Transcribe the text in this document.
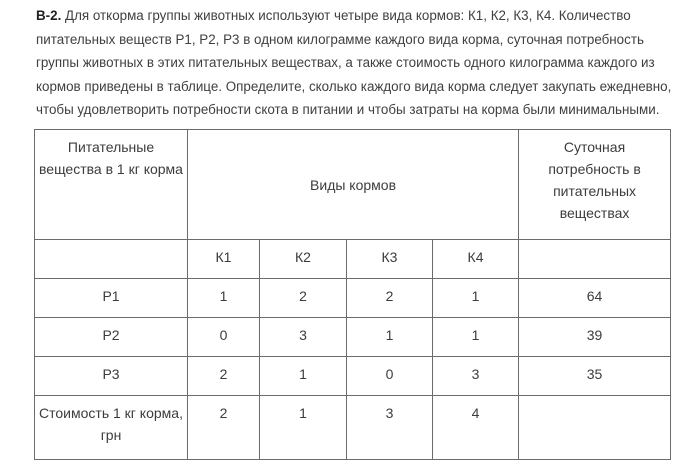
В-2. Для откорма группы животных используют четыре вида кормов: К1, К2, К3, К4. Количество питательных веществ Р1, Р2, Р3 в одном килограмме каждого вида корма, суточная потребность группы животных в этих питательных веществах, а также стоимость одного килограмма каждого из кормов приведены в таблице. Определите, сколько каждого вида корма следует закупать ежедневно, чтобы удовлетворить потребности скота в питании и чтобы затраты на корма были минимальными.
Питательные вещества в 1 кг корма	Виды кормов				Суточная потребность в питательных веществах
	К1	К2	К3	К4	
Р1	1	2	2	1	64
Р2	0	3	1	1	39
Р3	2	1	0	3	35
Стоимость 1 кг корма, грн	2	1	3	4	
